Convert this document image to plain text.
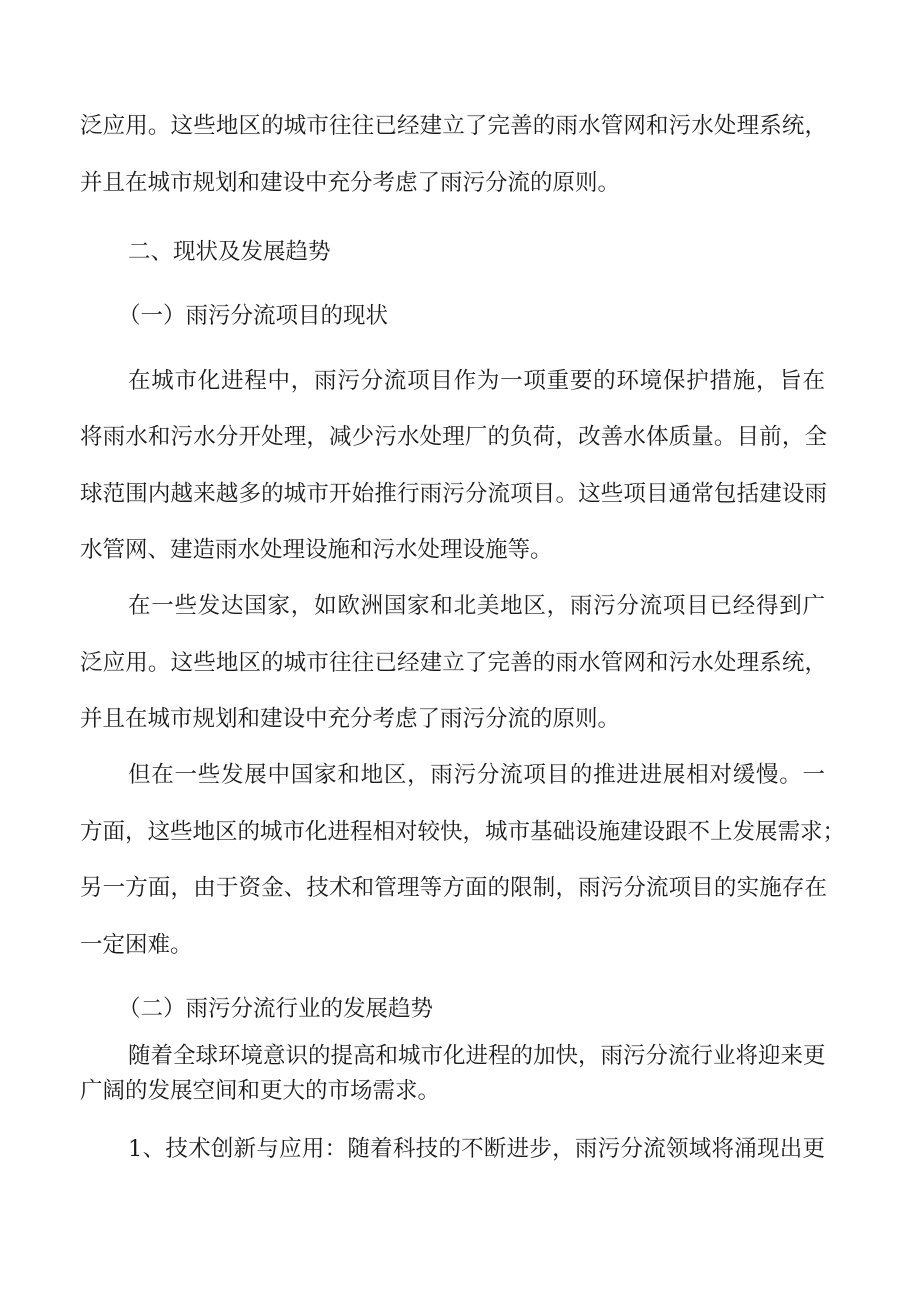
泛应用。这些地区的城市往往已经建立了完善的雨水管网和污水处理系统，
并且在城市规划和建设中充分考虑了雨污分流的原则。
二、现状及发展趋势
（一）雨污分流项目的现状
在城市化进程中，雨污分流项目作为一项重要的环境保护措施，旨在
将雨水和污水分开处理，减少污水处理厂的负荷，改善水体质量。目前，全
球范围内越来越多的城市开始推行雨污分流项目。这些项目通常包括建设雨
水管网、建造雨水处理设施和污水处理设施等。
在一些发达国家，如欧洲国家和北美地区，雨污分流项目已经得到广
泛应用。这些地区的城市往往已经建立了完善的雨水管网和污水处理系统，
并且在城市规划和建设中充分考虑了雨污分流的原则。
但在一些发展中国家和地区，雨污分流项目的推进进展相对缓慢。一
方面，这些地区的城市化进程相对较快，城市基础设施建设跟不上发展需求；
另一方面，由于资金、技术和管理等方面的限制，雨污分流项目的实施存在
一定困难。
（二）雨污分流行业的发展趋势
随着全球环境意识的提高和城市化进程的加快，雨污分流行业将迎来更
广阔的发展空间和更大的市场需求。
1、技术创新与应用：随着科技的不断进步，雨污分流领域将涌现出更
